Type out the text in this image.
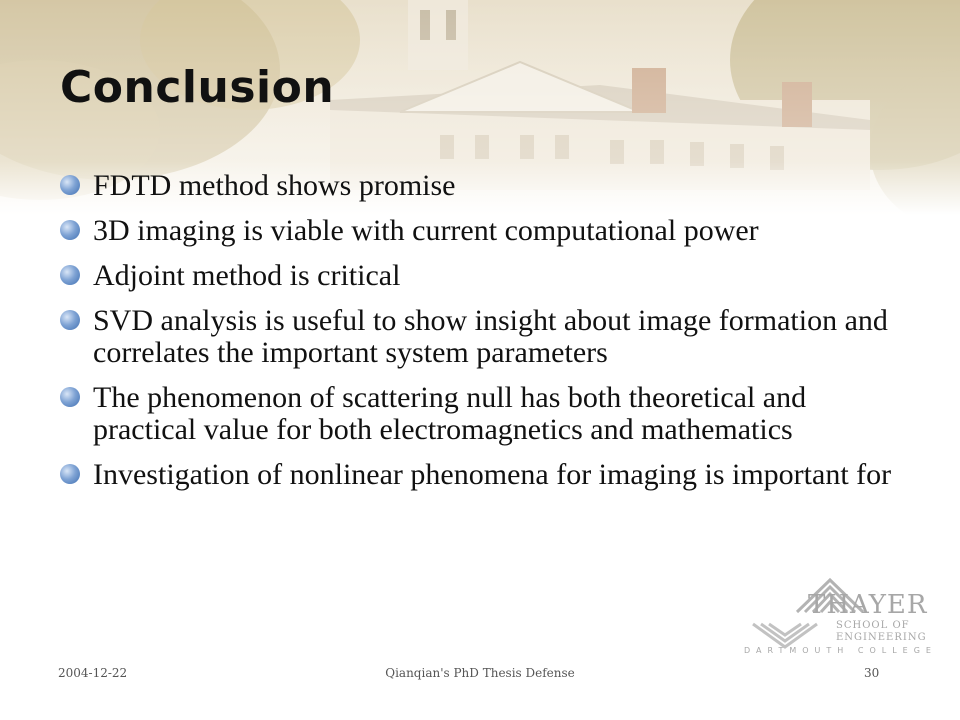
Conclusion
FDTD method shows promise
3D imaging is viable with current computational power
Adjoint method is critical
SVD analysis is useful to show insight about image formation and correlates the important system parameters
The phenomenon of scattering null has both theoretical and practical value for both electromagnetics and mathematics
Investigation of nonlinear phenomena for imaging is important for
THAYER
SCHOOL OF
ENGINEERING
DARTMOUTH COLLEGE
2004-12-22	Qianqian's PhD Thesis Defense	30
